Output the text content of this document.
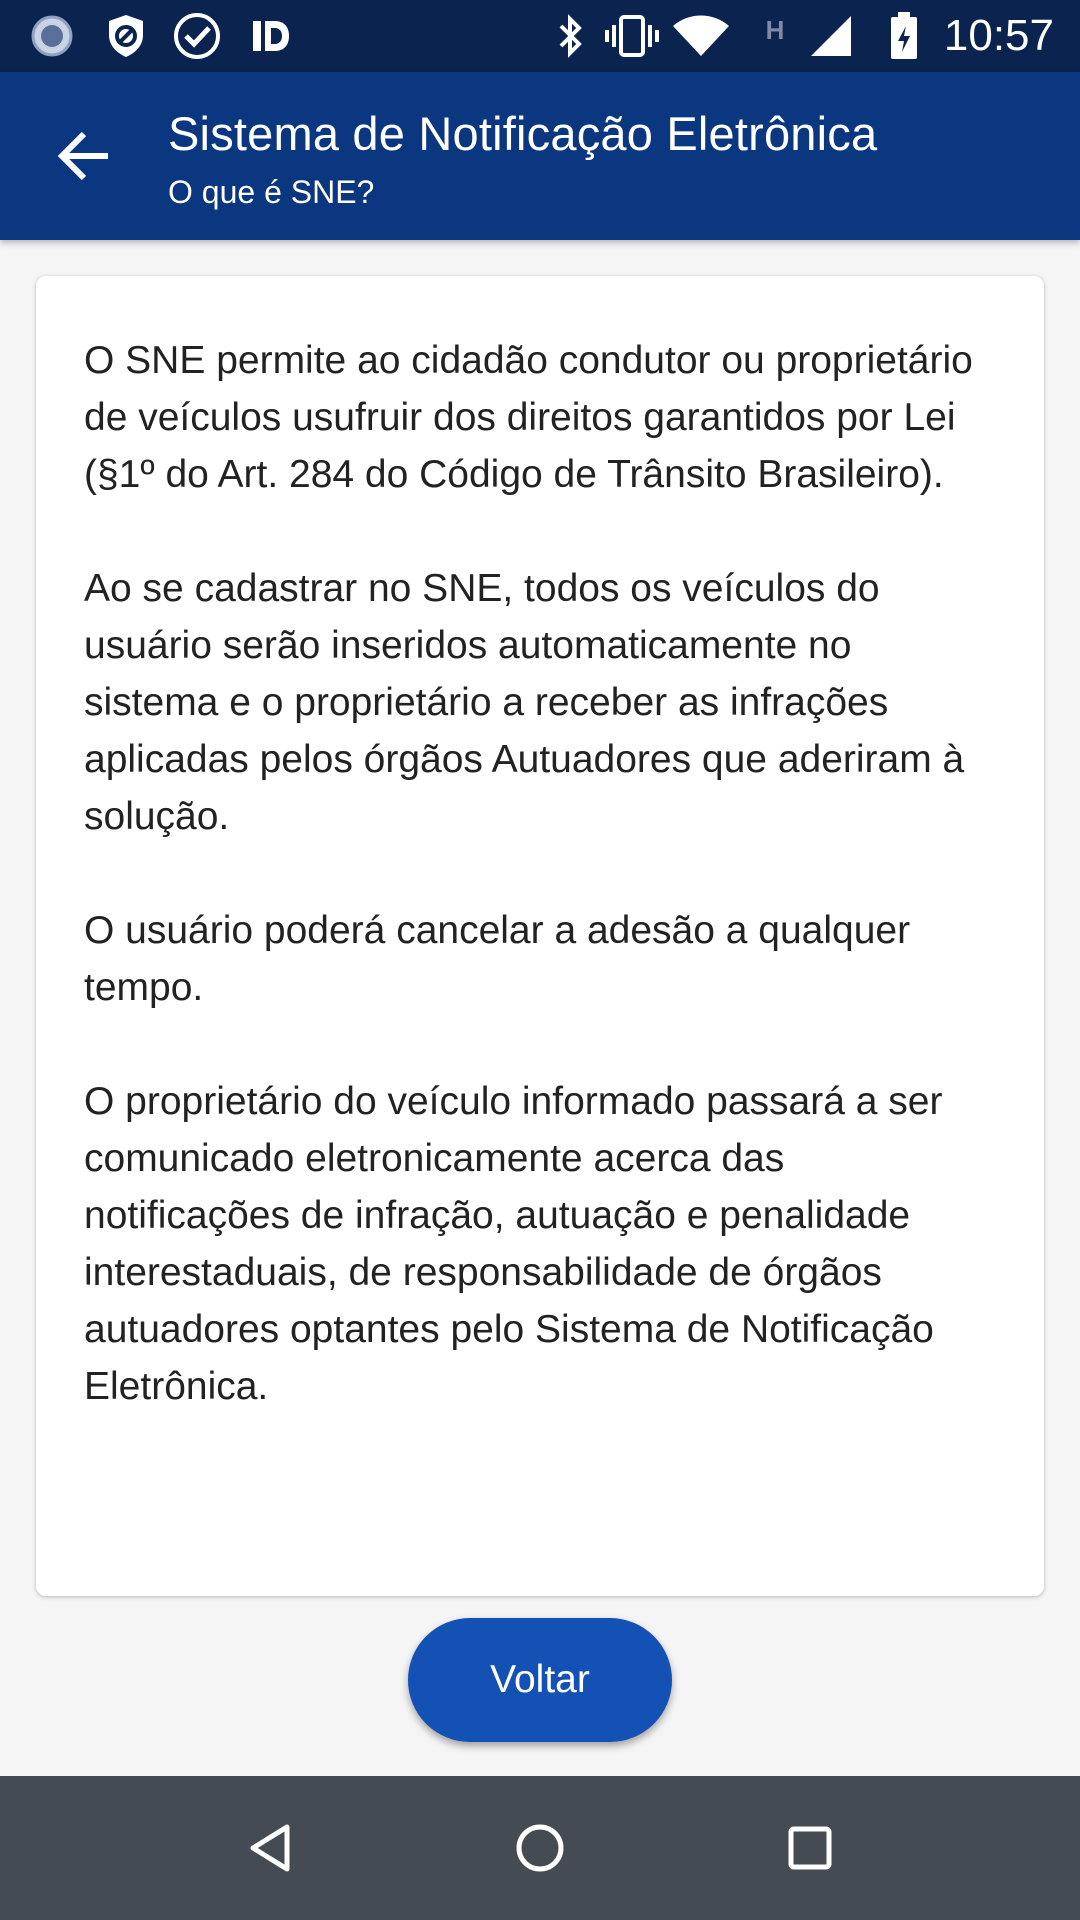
H	10:57
Sistema de Notificação Eletrônica
O que é SNE?

O SNE permite ao cidadão condutor ou proprietário de veículos usufruir dos direitos garantidos por Lei (§1º do Art. 284 do Código de Trânsito Brasileiro).

Ao se cadastrar no SNE, todos os veículos do usuário serão inseridos automaticamente no sistema e o proprietário a receber as infrações aplicadas pelos órgãos Autuadores que aderiram à solução.

O usuário poderá cancelar a adesão a qualquer tempo.

O proprietário do veículo informado passará a ser comunicado eletronicamente acerca das notificações de infração, autuação e penalidade interestaduais, de responsabilidade de órgãos autuadores optantes pelo Sistema de Notificação Eletrônica.

Voltar
